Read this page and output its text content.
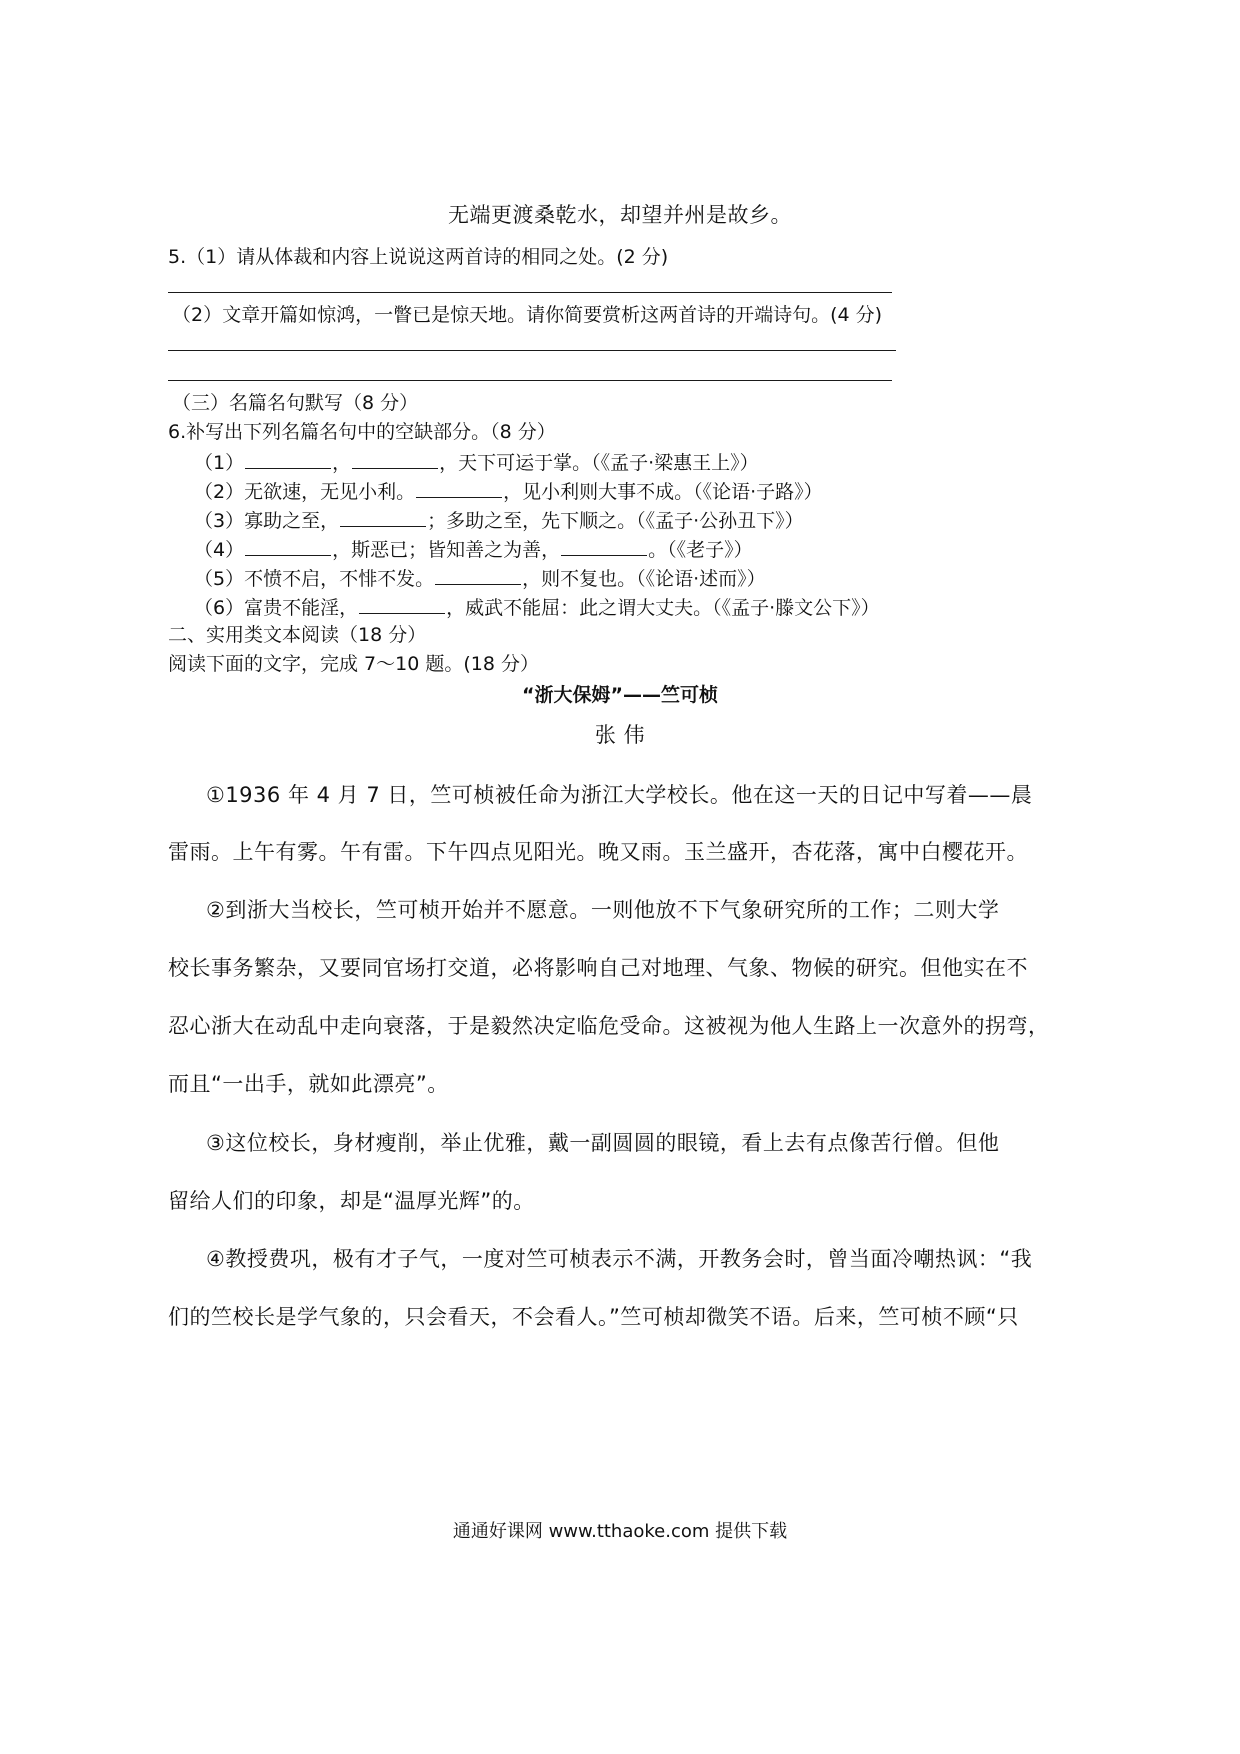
无端更渡桑乾水，却望并州是故乡。
5.（1）请从体裁和内容上说说这两首诗的相同之处。(2 分)
（2）文章开篇如惊鸿，一瞥已是惊天地。请你简要赏析这两首诗的开端诗句。(4 分)
（三）名篇名句默写（8 分）
6.补写出下列名篇名句中的空缺部分。（8 分）
（1）	，	，天下可运于掌。（《孟子·梁惠王上》）
（2）无欲速，无见小利。	，见小利则大事不成。（《论语·子路》）
（3）寡助之至，	；多助之至，先下顺之。（《孟子·公孙丑下》）
（4）	，斯恶已；皆知善之为善，	。（《老子》）
（5）不愤不启，不悱不发。	，则不复也。（《论语·述而》）
（6）富贵不能淫，	，威武不能屈：此之谓大丈夫。（《孟子·滕文公下》）
二、实用类文本阅读（18 分）
阅读下面的文字，完成 7～10 题。(18 分）
“浙大保姆”——竺可桢
张 伟
①1936 年 4 月 7 日，竺可桢被任命为浙江大学校长。他在这一天的日记中写着——晨
雷雨。上午有雾。午有雷。下午四点见阳光。晚又雨。玉兰盛开，杏花落，寓中白樱花开。
②到浙大当校长，竺可桢开始并不愿意。一则他放不下气象研究所的工作；二则大学
校长事务繁杂，又要同官场打交道，必将影响自己对地理、气象、物候的研究。但他实在不
忍心浙大在动乱中走向衰落，于是毅然决定临危受命。这被视为他人生路上一次意外的拐弯，
而且“一出手，就如此漂亮”。
③这位校长，身材瘦削，举止优雅，戴一副圆圆的眼镜，看上去有点像苦行僧。但他
留给人们的印象，却是“温厚光辉”的。
④教授费巩，极有才子气，一度对竺可桢表示不满，开教务会时，曾当面冷嘲热讽：“我
们的竺校长是学气象的，只会看天，不会看人。”竺可桢却微笑不语。后来，竺可桢不顾“只
通通好课网 www.tthaoke.com 提供下载
